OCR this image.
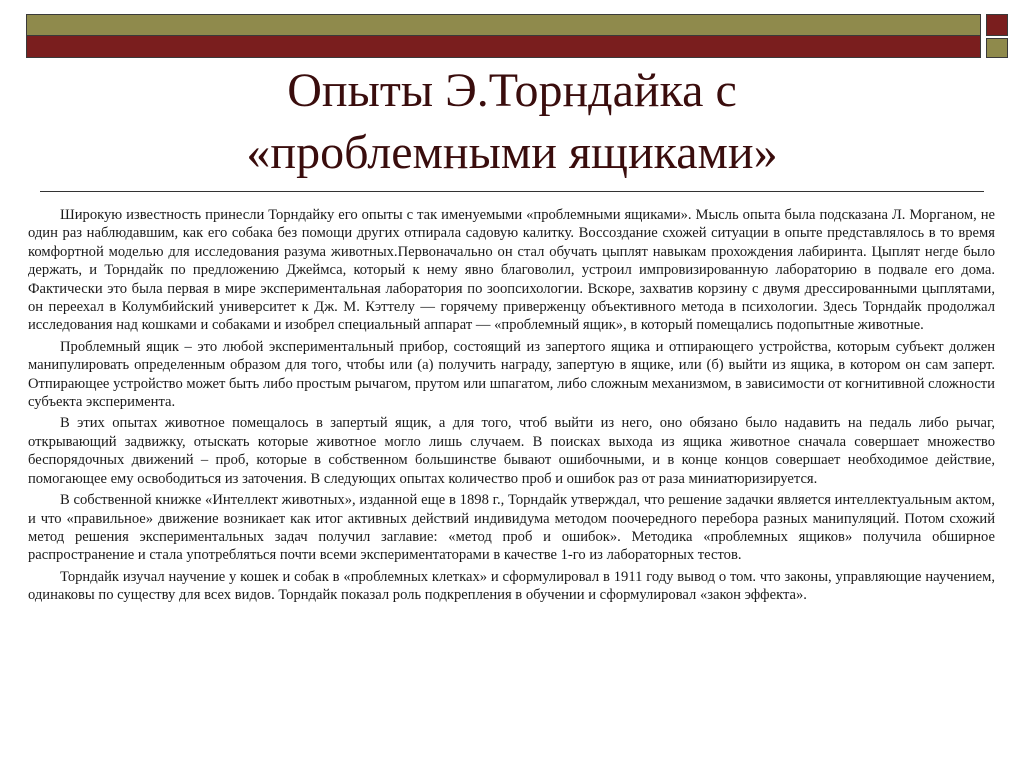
Опыты Э.Торндайка с
«проблемными ящиками»

Широкую известность принесли Торндайку его опыты с так именуемыми «проблемными ящиками». Мысль опыта была подсказана Л. Морганом, не один раз наблюдавшим, как его собака без помощи других отпирала садовую калитку. Воссоздание схожей ситуации в опыте представлялось в то время комфортной моделью для исследования разума животных.Первоначально он стал обучать цыплят навыкам прохождения лабиринта. Цыплят негде было держать, и Торндайк по предложению Джеймса, который к нему явно благоволил, устроил импровизированную лабораторию в подвале его дома. Фактически это была первая в мире экспериментальная лаборатория по зоопсихологии. Вскоре, захватив корзину с двумя дрессированными цыплятами, он переехал в Колумбийский университет к Дж. М. Кэттелу — горячему приверженцу объективного метода в психологии. Здесь Торндайк продолжал исследования над кошками и собаками и изобрел специальный аппарат — «проблемный ящик», в который помещались подопытные животные.

Проблемный ящик – это любой экспериментальный прибор, состоящий из запертого ящика и отпирающего устройства, которым субъект должен манипулировать определенным образом для того, чтобы или (а) получить награду, запертую в ящике, или (б) выйти из ящика, в котором он сам заперт. Отпирающее устройство может быть либо простым рычагом, прутом или шпагатом, либо сложным механизмом, в зависимости от когнитивной сложности субъекта эксперимента.

В этих опытах животное помещалось в запертый ящик, а для того, чтоб выйти из него, оно обязано было надавить на педаль либо рычаг, открывающий задвижку, отыскать которые животное могло лишь случаем. В поисках выхода из ящика животное сначала совершает множество беспорядочных движений – проб, которые в собственном большинстве бывают ошибочными, и в конце концов совершает необходимое действие, помогающее ему освободиться из заточения. В следующих опытах количество проб и ошибок раз от раза миниатюризируется.

В собственной книжке «Интеллект животных», изданной еще в 1898 г., Торндайк утверждал, что решение задачки является интеллектуальным актом, и что «правильное» движение возникает как итог активных действий индивидума методом поочередного перебора разных манипуляций. Потом схожий метод решения экспериментальных задач получил заглавие: «метод проб и ошибок». Методика «проблемных ящиков» получила обширное распространение и стала употребляться почти всеми экспериментаторами в качестве 1-го из лабораторных тестов.

Торндайк изучал научение у кошек и собак в «проблемных клетках» и сформулировал в 1911 году вывод о том. что законы, управляющие научением, одинаковы по существу для всех видов. Торндайк показал роль подкрепления в обучении и сформулировал «закон эффекта».
